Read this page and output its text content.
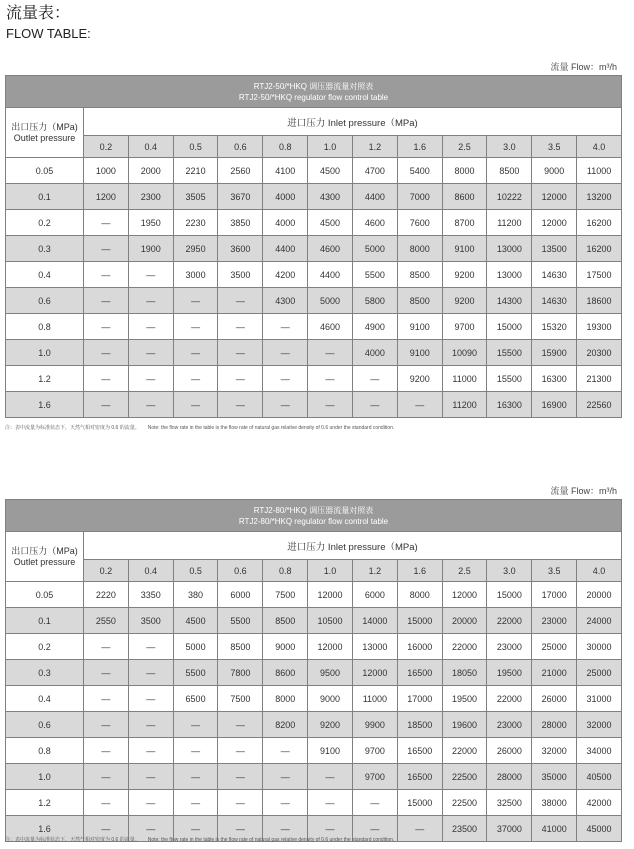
流量表：
FLOW TABLE:
流量 Flow：m³/h
RTJ2-50/*HKQ 调压器流量对照表
RTJ2-50/*HKQ regulator flow control table												

出口压力（MPa)
Outlet pressure	进口压力 Inlet pressure（MPa)											
	0.2	0.4	0.5	0.6	0.8	1.0	1.2	1.6	2.5	3.0	3.5	4.0
0.05	1000	2000	2210	2560	4100	4500	4700	5400	8000	8500	9000	11000
0.1	1200	2300	3505	3670	4000	4300	4400	7000	8600	10222	12000	13200
0.2	—	1950	2230	3850	4000	4500	4600	7600	8700	11200	12000	16200
0.3	—	1900	2950	3600	4400	4600	5000	8000	9100	13000	13500	16200
0.4	—	—	3000	3500	4200	4400	5500	8500	9200	13000	14630	17500
0.6	—	—	—	—	4300	5000	5800	8500	9200	14300	14630	18600
0.8	—	—	—	—	—	4600	4900	9100	9700	15000	15320	19300
1.0	—	—	—	—	—	—	4000	9100	10090	15500	15900	20300
1.2	—	—	—	—	—	—	—	9200	11000	15500	16300	21300
1.6	—	—	—	—	—	—	—	—	11200	16300	16900	22560
注：表中流量为标准状态下，天然气相对密度为 0.6 的流量。 Note: the flow rate in the table is the flow rate of natural gas relative density of 0.6 under the standard condition.
流量 Flow：m³/h
RTJ2-80/*HKQ 调压器流量对照表
RTJ2-80/*HKQ regulator flow control table												

出口压力（MPa)
Outlet pressure	进口压力 Inlet pressure（MPa)											
	0.2	0.4	0.5	0.6	0.8	1.0	1.2	1.6	2.5	3.0	3.5	4.0
0.05	2220	3350	380	6000	7500	12000	6000	8000	12000	15000	17000	20000
0.1	2550	3500	4500	5500	8500	10500	14000	15000	20000	22000	23000	24000
0.2	—	—	5000	8500	9000	12000	13000	16000	22000	23000	25000	30000
0.3	—	—	5500	7800	8600	9500	12000	16500	18050	19500	21000	25000
0.4	—	—	6500	7500	8000	9000	11000	17000	19500	22000	26000	31000
0.6	—	—	—	—	8200	9200	9900	18500	19600	23000	28000	32000
0.8	—	—	—	—	—	9100	9700	16500	22000	26000	32000	34000
1.0	—	—	—	—	—	—	9700	16500	22500	28000	35000	40500
1.2	—	—	—	—	—	—	—	15000	22500	32500	38000	42000
1.6	—	—	—	—	—	—	—	—	23500	37000	41000	45000
注：表中流量为标准状态下，天然气相对密度为 0.6 的流量。 Note: the flow rate in the table is the flow rate of natural gas relative density of 0.6 under the standard condition.
